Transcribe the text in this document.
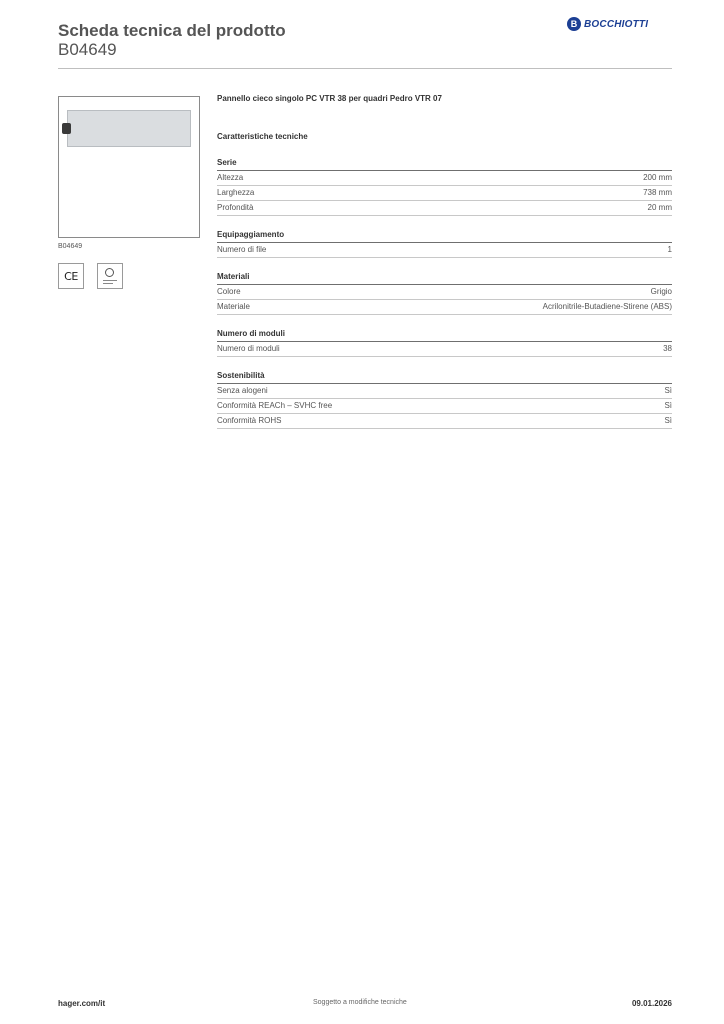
Scheda tecnica del prodotto
B04649
B BOCCHIOTTI
B04649
CE
Pannello cieco singolo PC VTR 38 per quadri Pedro VTR 07
Caratteristiche tecniche
Serie
Altezza	200 mm
Larghezza	738 mm
Profondità	20 mm
Equipaggiamento
Numero di file	1
Materiali
Colore	Grigio
Materiale	Acrilonitrile-Butadiene-Stirene (ABS)
Numero di moduli
Numero di moduli	38
Sostenibilità
Senza alogeni	Sì
Conformità REACh – SVHC free	Sì
Conformità ROHS	Sì
hager.com/it	Soggetto a modifiche tecniche	09.01.2026
